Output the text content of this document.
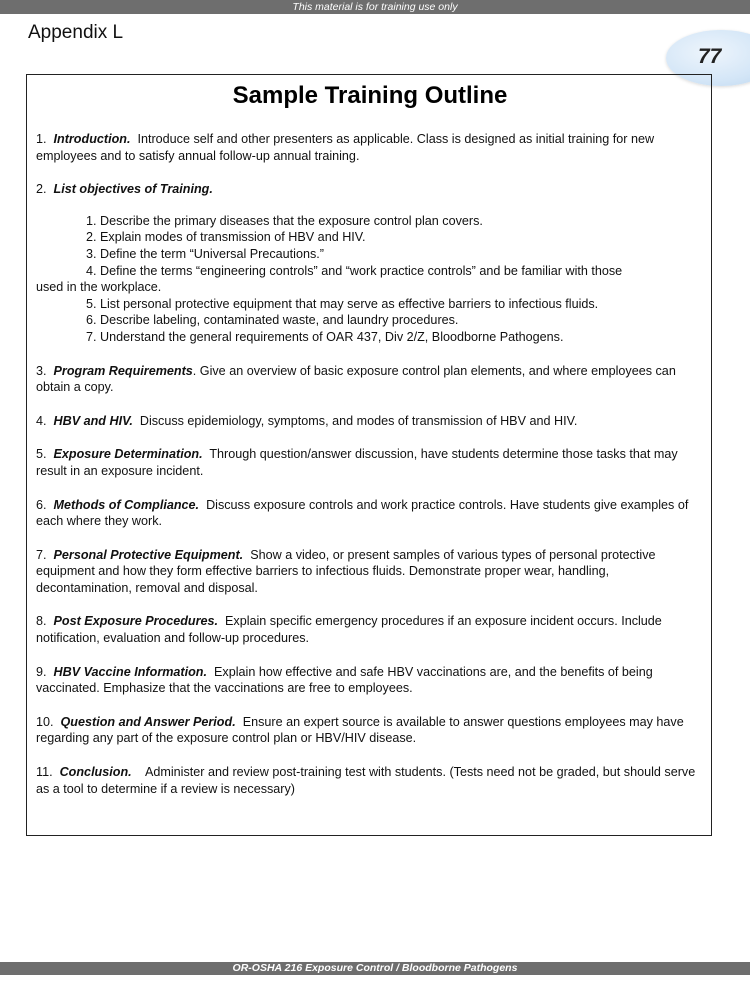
This material is for training use only
Appendix L
77
Sample Training Outline
1. Introduction. Introduce self and other presenters as applicable. Class is designed as initial training for new employees and to satisfy annual follow-up annual training.
2. List objectives of Training.
1. Describe the primary diseases that the exposure control plan covers.
2. Explain modes of transmission of HBV and HIV.
3. Define the term “Universal Precautions.”
4. Define the terms “engineering controls” and “work practice controls” and be familiar with those
used in the workplace.
5. List personal protective equipment that may serve as effective barriers to infectious fluids.
6. Describe labeling, contaminated waste, and laundry procedures.
7. Understand the general requirements of OAR 437, Div 2/Z, Bloodborne Pathogens.
3. Program Requirements. Give an overview of basic exposure control plan elements, and where employees can obtain a copy.
4. HBV and HIV. Discuss epidemiology, symptoms, and modes of transmission of HBV and HIV.
5. Exposure Determination. Through question/answer discussion, have students determine those tasks that may result in an exposure incident.
6. Methods of Compliance. Discuss exposure controls and work practice controls. Have students give examples of each where they work.
7. Personal Protective Equipment. Show a video, or present samples of various types of personal protective equipment and how they form effective barriers to infectious fluids. Demonstrate proper wear, handling, decontamination, removal and disposal.
8. Post Exposure Procedures. Explain specific emergency procedures if an exposure incident occurs. Include notification, evaluation and follow-up procedures.
9. HBV Vaccine Information. Explain how effective and safe HBV vaccinations are, and the benefits of being vaccinated. Emphasize that the vaccinations are free to employees.
10. Question and Answer Period. Ensure an expert source is available to answer questions employees may have regarding any part of the exposure control plan or HBV/HIV disease.
11. Conclusion. Administer and review post-training test with students. (Tests need not be graded, but should serve as a tool to determine if a review is necessary)
OR-OSHA 216 Exposure Control / Bloodborne Pathogens
